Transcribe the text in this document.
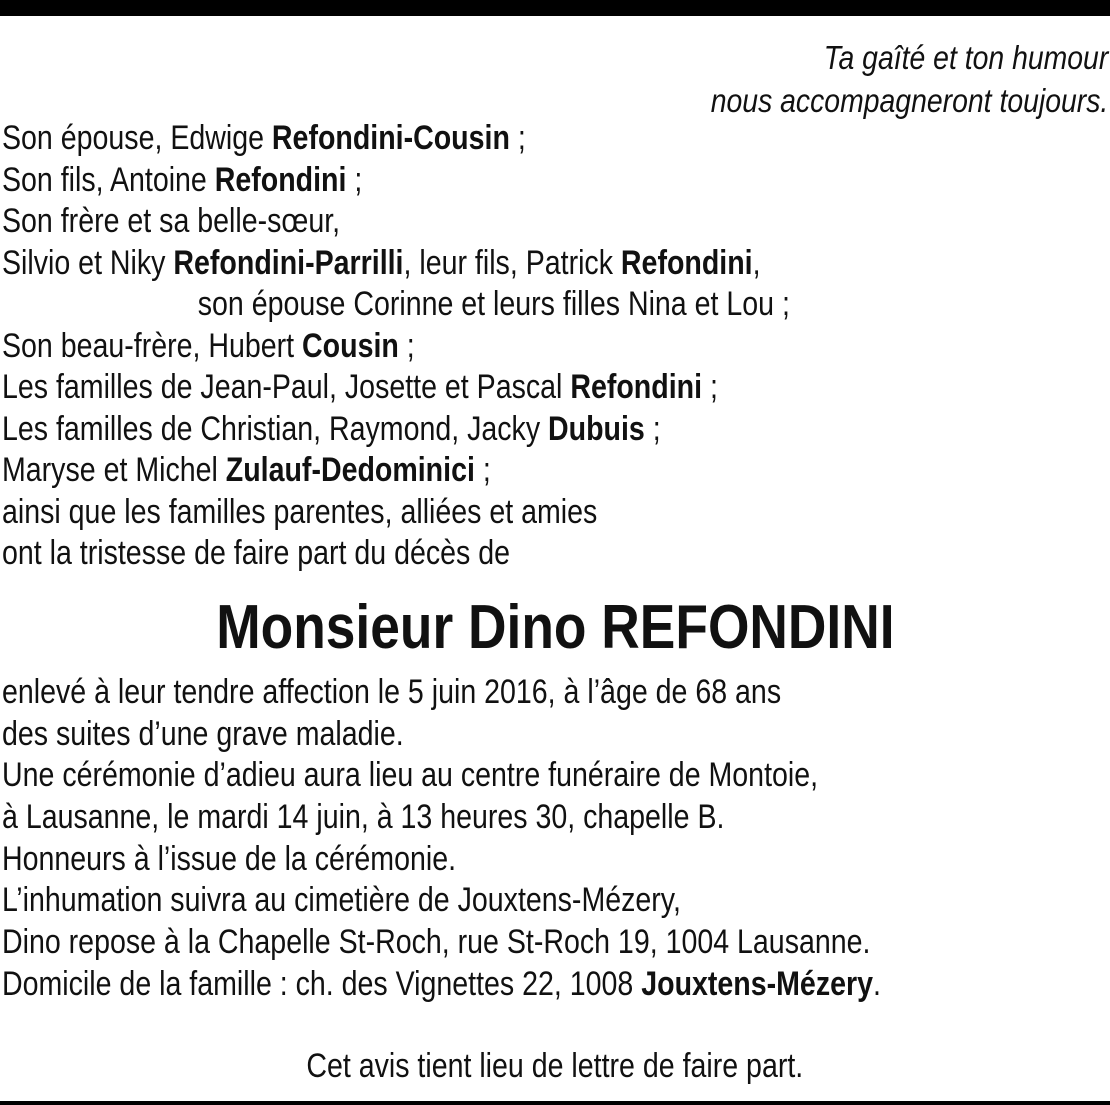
Ta gaîté et ton humour
nous accompagneront toujours.
Son épouse, Edwige Refondini-Cousin ;
Son fils, Antoine Refondini ;
Son frère et sa belle-sœur,
Silvio et Niky Refondini-Parrilli, leur fils, Patrick Refondini,
son épouse Corinne et leurs filles Nina et Lou ;
Son beau-frère, Hubert Cousin ;
Les familles de Jean-Paul, Josette et Pascal Refondini ;
Les familles de Christian, Raymond, Jacky Dubuis ;
Maryse et Michel Zulauf-Dedominici ;
ainsi que les familles parentes, alliées et amies
ont la tristesse de faire part du décès de
Monsieur Dino REFONDINI
enlevé à leur tendre affection le 5 juin 2016, à l’âge de 68 ans
des suites d’une grave maladie.
Une cérémonie d’adieu aura lieu au centre funéraire de Montoie,
à Lausanne, le mardi 14 juin, à 13 heures 30, chapelle B.
Honneurs à l’issue de la cérémonie.
L’inhumation suivra au cimetière de Jouxtens-Mézery,
Dino repose à la Chapelle St-Roch, rue St-Roch 19, 1004 Lausanne.
Domicile de la famille : ch. des Vignettes 22, 1008 Jouxtens-Mézery.
Cet avis tient lieu de lettre de faire part.
